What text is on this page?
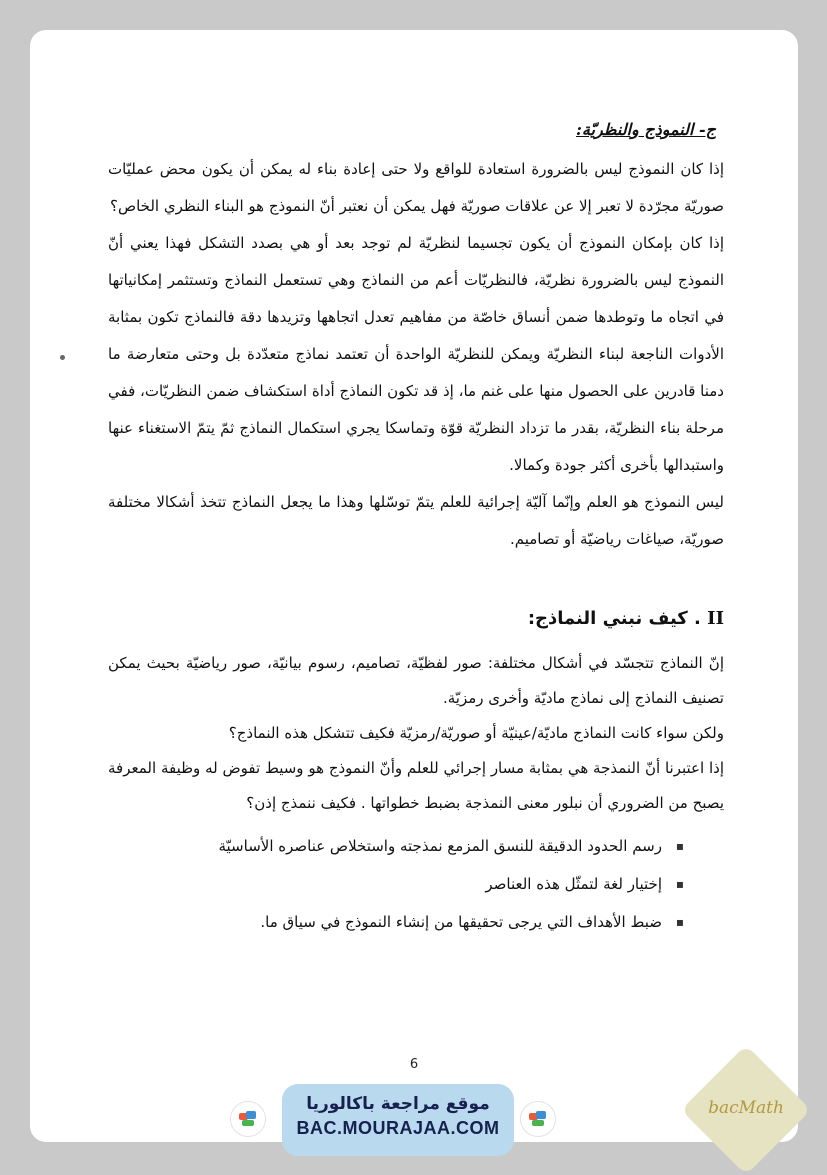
ج- النموذج والنظريّة:

إذا كان النموذج ليس بالضرورة استعادة للواقع ولا حتى إعادة بناء له يمكن أن يكون محض عمليّات صوريّة مجرّدة لا تعبر إلا عن علاقات صوريّة فهل يمكن أن نعتبر أنّ النموذج هو البناء النظري الخاص؟

إذا كان بإمكان النموذج أن يكون تجسيما لنظريّة لم توجد بعد أو هي بصدد التشكل فهذا يعني أنّ النموذج ليس بالضرورة نظريّة، فالنظريّات أعم من النماذج وهي تستعمل النماذج وتستثمر إمكانياتها في اتجاه ما وتوطدها ضمن أنساق خاصّة من مفاهيم تعدل اتجاهها وتزيدها دقة فالنماذج تكون بمثابة الأدوات الناجعة لبناء النظريّة ويمكن للنظريّة الواحدة أن تعتمد نماذج متعدّدة بل وحتى متعارضة ما دمنا قادرين على الحصول منها على غنم ما، إذ قد تكون النماذج أداة استكشاف ضمن النظريّات، ففي مرحلة بناء النظريّة، بقدر ما تزداد النظريّة قوّة وتماسكا يجري استكمال النماذج ثمّ يتمّ الاستغناء عنها واستبدالها بأخرى أكثر جودة وكمالا.

ليس النموذج هو العلم وإنّما آليّة إجرائية للعلم يتمّ توسّلها وهذا ما يجعل النماذج تتخذ أشكالا مختلفة صوريّة، صياغات رياضيّة أو تصاميم.

II . كيف نبني النماذج:

إنّ النماذج تتجسّد في أشكال مختلفة: صور لفظيّة، تصاميم، رسوم بيانيّة، صور رياضيّة بحيث يمكن تصنيف النماذج إلى نماذج ماديّة وأخرى رمزيّة.

ولكن سواء كانت النماذج ماديّة/عينيّة أو صوريّة/رمزيّة فكيف تتشكل هذه النماذج؟

إذا اعتبرنا أنّ النمذجة هي بمثابة مسار إجرائي للعلم وأنّ النموذج هو وسيط تفوض له وظيفة المعرفة يصبح من الضروري أن نبلور معنى النمذجة بضبط خطواتها . فكيف ننمذج إذن؟

▪ رسم الحدود الدقيقة للنسق المزمع نمذجته واستخلاص عناصره الأساسيّة
▪ إختيار لغة لتمثّل هذه العناصر
▪ ضبط الأهداف التي يرجى تحقيقها من إنشاء النموذج في سياق ما.
6
موقع مراجعة باكالوريا
BAC.MOURAJAA.COM
bacMath
